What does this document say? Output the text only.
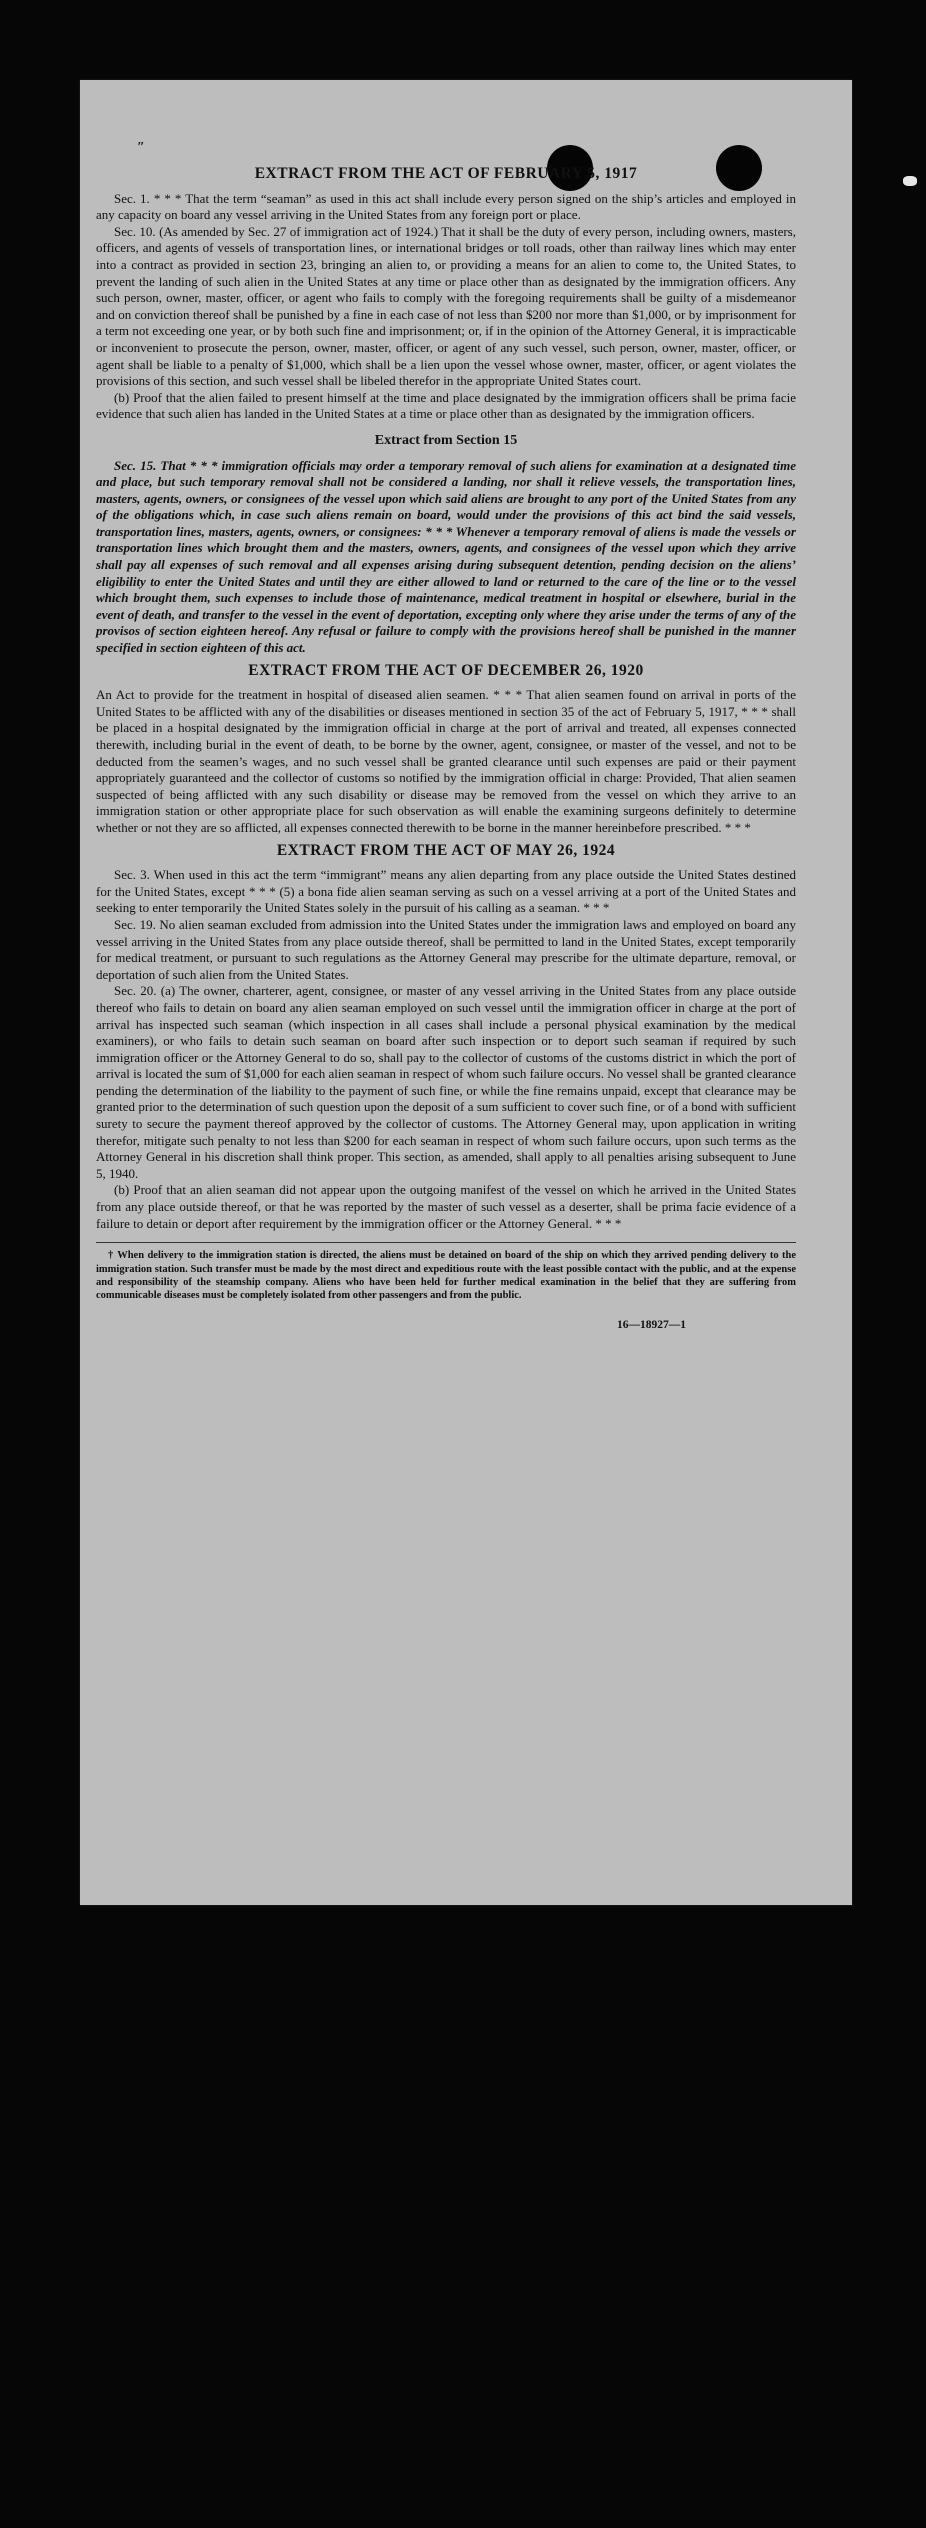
″
EXTRACT FROM THE ACT OF FEBRUARY 5, 1917

Sec. 1. * * * That the term “seaman” as used in this act shall include every person signed on the ship’s articles and employed in any capacity on board any vessel arriving in the United States from any foreign port or place.

Sec. 10. (As amended by Sec. 27 of immigration act of 1924.) That it shall be the duty of every person, including owners, masters, officers, and agents of vessels of transportation lines, or international bridges or toll roads, other than railway lines which may enter into a contract as provided in section 23, bringing an alien to, or providing a means for an alien to come to, the United States, to prevent the landing of such alien in the United States at any time or place other than as designated by the immigration officers. Any such person, owner, master, officer, or agent who fails to comply with the foregoing requirements shall be guilty of a misdemeanor and on conviction thereof shall be punished by a fine in each case of not less than $200 nor more than $1,000, or by imprisonment for a term not exceeding one year, or by both such fine and imprisonment; or, if in the opinion of the Attorney General, it is impracticable or inconvenient to prosecute the person, owner, master, officer, or agent of any such vessel, such person, owner, master, officer, or agent shall be liable to a penalty of $1,000, which shall be a lien upon the vessel whose owner, master, officer, or agent violates the provisions of this section, and such vessel shall be libeled therefor in the appropriate United States court.

(b) Proof that the alien failed to present himself at the time and place designated by the immigration officers shall be prima facie evidence that such alien has landed in the United States at a time or place other than as designated by the immigration officers.

Extract from Section 15

Sec. 15. That * * * immigration officials may order a temporary removal of such aliens for examination at a designated time and place, but such temporary removal shall not be considered a landing, nor shall it relieve vessels, the transportation lines, masters, agents, owners, or consignees of the vessel upon which said aliens are brought to any port of the United States from any of the obligations which, in case such aliens remain on board, would under the provisions of this act bind the said vessels, transportation lines, masters, agents, owners, or consignees: * * * Whenever a temporary removal of aliens is made the vessels or transportation lines which brought them and the masters, owners, agents, and consignees of the vessel upon which they arrive shall pay all expenses of such removal and all expenses arising during subsequent detention, pending decision on the aliens’ eligibility to enter the United States and until they are either allowed to land or returned to the care of the line or to the vessel which brought them, such expenses to include those of maintenance, medical treatment in hospital or elsewhere, burial in the event of death, and transfer to the vessel in the event of deportation, excepting only where they arise under the terms of any of the provisos of section eighteen hereof. Any refusal or failure to comply with the provisions hereof shall be punished in the manner specified in section eighteen of this act.

EXTRACT FROM THE ACT OF DECEMBER 26, 1920

An Act to provide for the treatment in hospital of diseased alien seamen. * * * That alien seamen found on arrival in ports of the United States to be afflicted with any of the disabilities or diseases mentioned in section 35 of the act of February 5, 1917, * * * shall be placed in a hospital designated by the immigration official in charge at the port of arrival and treated, all expenses connected therewith, including burial in the event of death, to be borne by the owner, agent, consignee, or master of the vessel, and not to be deducted from the seamen’s wages, and no such vessel shall be granted clearance until such expenses are paid or their payment appropriately guaranteed and the collector of customs so notified by the immigration official in charge: Provided, That alien seamen suspected of being afflicted with any such disability or disease may be removed from the vessel on which they arrive to an immigration station or other appropriate place for such observation as will enable the examining surgeons definitely to determine whether or not they are so afflicted, all expenses connected therewith to be borne in the manner hereinbefore prescribed. * * *

EXTRACT FROM THE ACT OF MAY 26, 1924

Sec. 3. When used in this act the term “immigrant” means any alien departing from any place outside the United States destined for the United States, except * * * (5) a bona fide alien seaman serving as such on a vessel arriving at a port of the United States and seeking to enter temporarily the United States solely in the pursuit of his calling as a seaman. * * *

Sec. 19. No alien seaman excluded from admission into the United States under the immigration laws and employed on board any vessel arriving in the United States from any place outside thereof, shall be permitted to land in the United States, except temporarily for medical treatment, or pursuant to such regulations as the Attorney General may prescribe for the ultimate departure, removal, or deportation of such alien from the United States.

Sec. 20. (a) The owner, charterer, agent, consignee, or master of any vessel arriving in the United States from any place outside thereof who fails to detain on board any alien seaman employed on such vessel until the immigration officer in charge at the port of arrival has inspected such seaman (which inspection in all cases shall include a personal physical examination by the medical examiners), or who fails to detain such seaman on board after such inspection or to deport such seaman if required by such immigration officer or the Attorney General to do so, shall pay to the collector of customs of the customs district in which the port of arrival is located the sum of $1,000 for each alien seaman in respect of whom such failure occurs. No vessel shall be granted clearance pending the determination of the liability to the payment of such fine, or while the fine remains unpaid, except that clearance may be granted prior to the determination of such question upon the deposit of a sum sufficient to cover such fine, or of a bond with sufficient surety to secure the payment thereof approved by the collector of customs. The Attorney General may, upon application in writing therefor, mitigate such penalty to not less than $200 for each seaman in respect of whom such failure occurs, upon such terms as the Attorney General in his discretion shall think proper. This section, as amended, shall apply to all penalties arising subsequent to June 5, 1940.

(b) Proof that an alien seaman did not appear upon the outgoing manifest of the vessel on which he arrived in the United States from any place outside thereof, or that he was reported by the master of such vessel as a deserter, shall be prima facie evidence of a failure to detain or deport after requirement by the immigration officer or the Attorney General. * * *

† When delivery to the immigration station is directed, the aliens must be detained on board of the ship on which they arrived pending delivery to the immigration station. Such transfer must be made by the most direct and expeditious route with the least possible contact with the public, and at the expense and responsibility of the steamship company. Aliens who have been held for further medical examination in the belief that they are suffering from communicable diseases must be completely isolated from other passengers and from the public.

16—18927—1
